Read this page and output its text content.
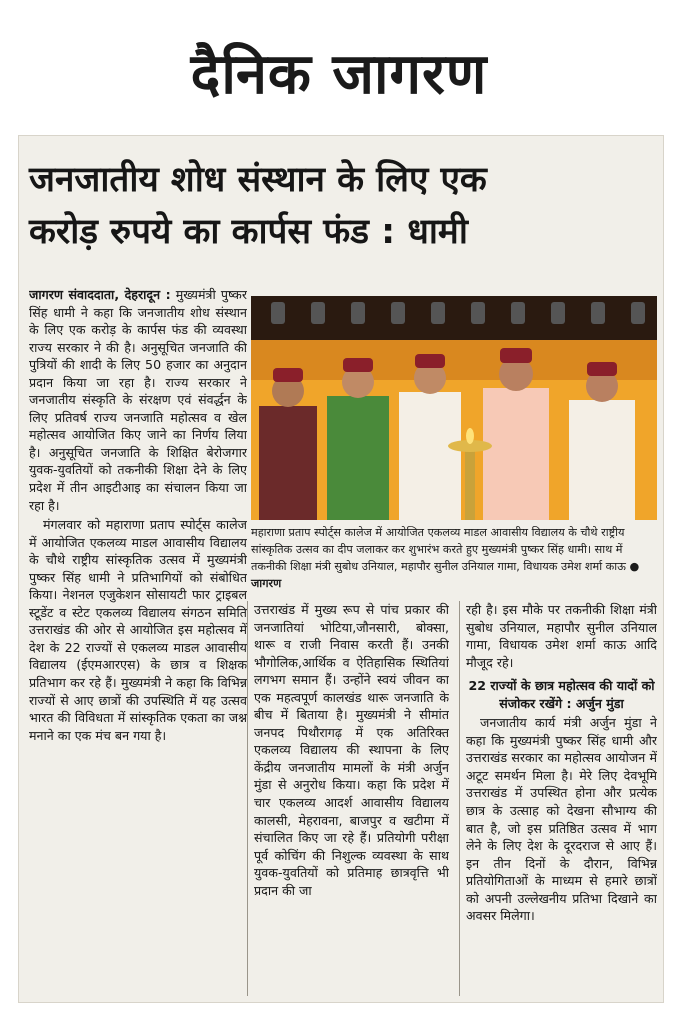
दैनिक जागरण
जनजातीय शोध संस्थान के लिए एक
करोड़ रुपये का कार्पस फंड : धामी

जागरण संवाददाता, देहरादून : मुख्यमंत्री पुष्कर सिंह धामी ने कहा कि जनजातीय शोध संस्थान के लिए एक करोड़ के कार्पस फंड की व्यवस्था राज्य सरकार ने की है। अनुसूचित जनजाति की पुत्रियों की शादी के लिए 50 हजार का अनुदान प्रदान किया जा रहा है। राज्य सरकार ने जनजातीय संस्कृति के संरक्षण एवं संवर्द्धन के लिए प्रतिवर्ष राज्य जनजाति महोत्सव व खेल महोत्सव आयोजित किए जाने का निर्णय लिया है। अनुसूचित जनजाति के शिक्षित बेरोजगार युवक-युवतियों को तकनीकी शिक्षा देने के लिए प्रदेश में तीन आइटीआइ का संचालन किया जा रहा है।

मंगलवार को महाराणा प्रताप स्पोर्ट्स कालेज में आयोजित एकलव्य माडल आवासीय विद्यालय के चौथे राष्ट्रीय सांस्कृतिक उत्सव में मुख्यमंत्री पुष्कर सिंह धामी ने प्रतिभागियों को संबोधित किया। नेशनल एजुकेशन सोसायटी फार ट्राइबल स्टूडेंट व स्टेट एकलव्य विद्यालय संगठन समिति उत्तराखंड की ओर से आयोजित इस महोत्सव में देश के 22 राज्यों से एकलव्य माडल आवासीय विद्यालय (ईएमआरएस) के छात्र व शिक्षक प्रतिभाग कर रहे हैं। मुख्यमंत्री ने कहा कि विभिन्न राज्यों से आए छात्रों की उपस्थिति में यह उत्सव भारत की विविधता में सांस्कृतिक एकता का जश्न मनाने का एक मंच बन गया है।

महाराणा प्रताप स्पोर्ट्स कालेज में आयोजित एकलव्य माडल आवासीय विद्यालय के चौथे राष्ट्रीय सांस्कृतिक उत्सव का दीप जलाकर कर शुभारंभ करते हुए मुख्यमंत्री पुष्कर सिंह धामी। साथ में तकनीकी शिक्षा मंत्री सुबोध उनियाल, महापौर सुनील उनियाल गामा, विधायक उमेश शर्मा काऊ ● जागरण

उत्तराखंड में मुख्य रूप से पांच प्रकार की जनजातियां भोटिया,जौनसारी, बोक्सा, थारू व राजी निवास करती हैं। उनकी भौगोलिक,आर्थिक व ऐतिहासिक स्थितियां लगभग समान हैं। उन्होंने स्वयं जीवन का एक महत्वपूर्ण कालखंड थारू जनजाति के बीच में बिताया है। मुख्यमंत्री ने सीमांत जनपद पिथौरागढ़ में एक अतिरिक्त एकलव्य विद्यालय की स्थापना के लिए केंद्रीय जनजातीय मामलों के मंत्री अर्जुन मुंडा से अनुरोध किया। कहा कि प्रदेश में चार एकलव्य आदर्श आवासीय विद्यालय कालसी, मेहरावना, बाजपुर व खटीमा में संचालित किए जा रहे हैं। प्रतियोगी परीक्षा पूर्व कोचिंग की निशुल्क व्यवस्था के साथ युवक-युवतियों को प्रतिमाह छात्रवृत्ति भी प्रदान की जा

रही है। इस मौके पर तकनीकी शिक्षा मंत्री सुबोध उनियाल, महापौर सुनील उनियाल गामा, विधायक उमेश शर्मा काऊ आदि मौजूद रहे।

22 राज्यों के छात्र महोत्सव की यादों को संजोकर रखेंगे : अर्जुन मुंडा

जनजातीय कार्य मंत्री अर्जुन मुंडा ने कहा कि मुख्यमंत्री पुष्कर सिंह धामी और उत्तराखंड सरकार का महोत्सव आयोजन में अटूट समर्थन मिला है। मेरे लिए देवभूमि उत्तराखंड में उपस्थित होना और प्रत्येक छात्र के उत्साह को देखना सौभाग्य की बात है, जो इस प्रतिष्ठित उत्सव में भाग लेने के लिए देश के दूरदराज से आए हैं। इन तीन दिनों के दौरान, विभिन्न प्रतियोगिताओं के माध्यम से हमारे छात्रों को अपनी उल्लेखनीय प्रतिभा दिखाने का अवसर मिलेगा।
